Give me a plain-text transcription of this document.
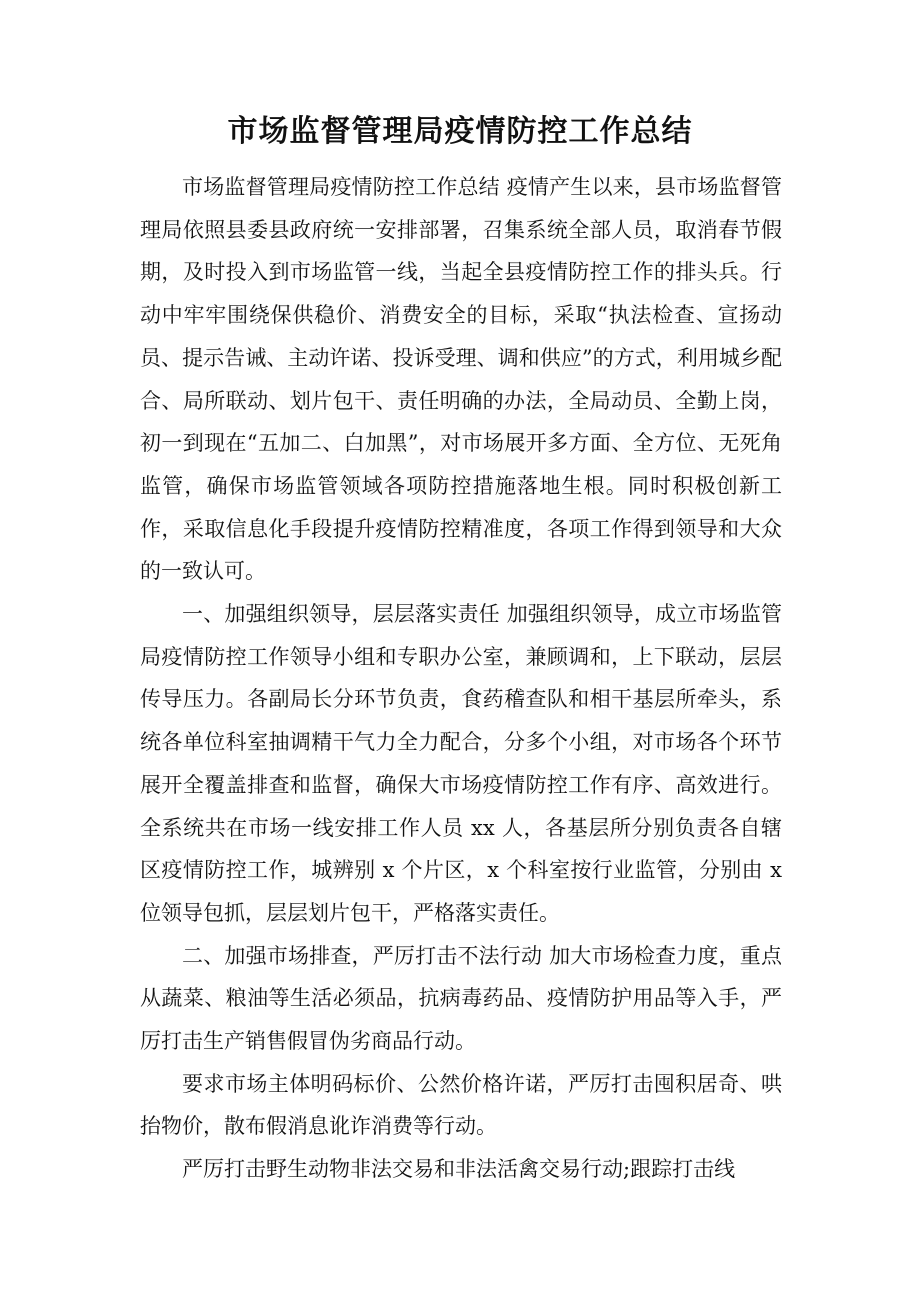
市场监督管理局疫情防控工作总结

市场监督管理局疫情防控工作总结 疫情产生以来，县市场监督管理局依照县委县政府统一安排部署，召集系统全部人员，取消春节假期，及时投入到市场监管一线，当起全县疫情防控工作的排头兵。行动中牢牢围绕保供稳价、消费安全的目标，采取“执法检查、宣扬动员、提示告诫、主动许诺、投诉受理、调和供应”的方式，利用城乡配合、局所联动、划片包干、责任明确的办法，全局动员、全勤上岗，初一到现在“五加二、白加黑”，对市场展开多方面、全方位、无死角监管，确保市场监管领域各项防控措施落地生根。同时积极创新工作，采取信息化手段提升疫情防控精准度，各项工作得到领导和大众的一致认可。

一、加强组织领导，层层落实责任 加强组织领导，成立市场监管局疫情防控工作领导小组和专职办公室，兼顾调和，上下联动，层层传导压力。各副局长分环节负责，食药稽查队和相干基层所牵头，系统各单位科室抽调精干气力全力配合，分多个小组，对市场各个环节展开全覆盖排查和监督，确保大市场疫情防控工作有序、高效进行。全系统共在市场一线安排工作人员 xx 人，各基层所分别负责各自辖区疫情防控工作，城辨别 x 个片区，x 个科室按行业监管，分别由 x 位领导包抓，层层划片包干，严格落实责任。

二、加强市场排查，严厉打击不法行动 加大市场检查力度，重点从蔬菜、粮油等生活必须品，抗病毒药品、疫情防护用品等入手，严厉打击生产销售假冒伪劣商品行动。

要求市场主体明码标价、公然价格许诺，严厉打击囤积居奇、哄抬物价，散布假消息讹诈消费等行动。

严厉打击野生动物非法交易和非法活禽交易行动;跟踪打击线
